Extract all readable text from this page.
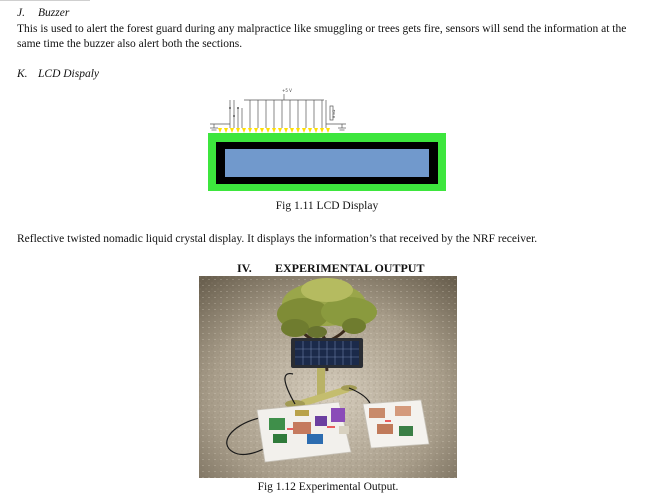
J. Buzzer
This is used to alert the forest guard during any malpractice like smuggling or trees gets fire, sensors will send the information at the same time the buzzer also alert both the sections.
K. LCD Dispaly
+5 V
8 kΩ
Fig 1.11 LCD Display
Reflective twisted nomadic liquid crystal display. It displays the information’s that received by the NRF receiver.
IV. EXPERIMENTAL OUTPUT
Fig 1.12 Experimental Output.
